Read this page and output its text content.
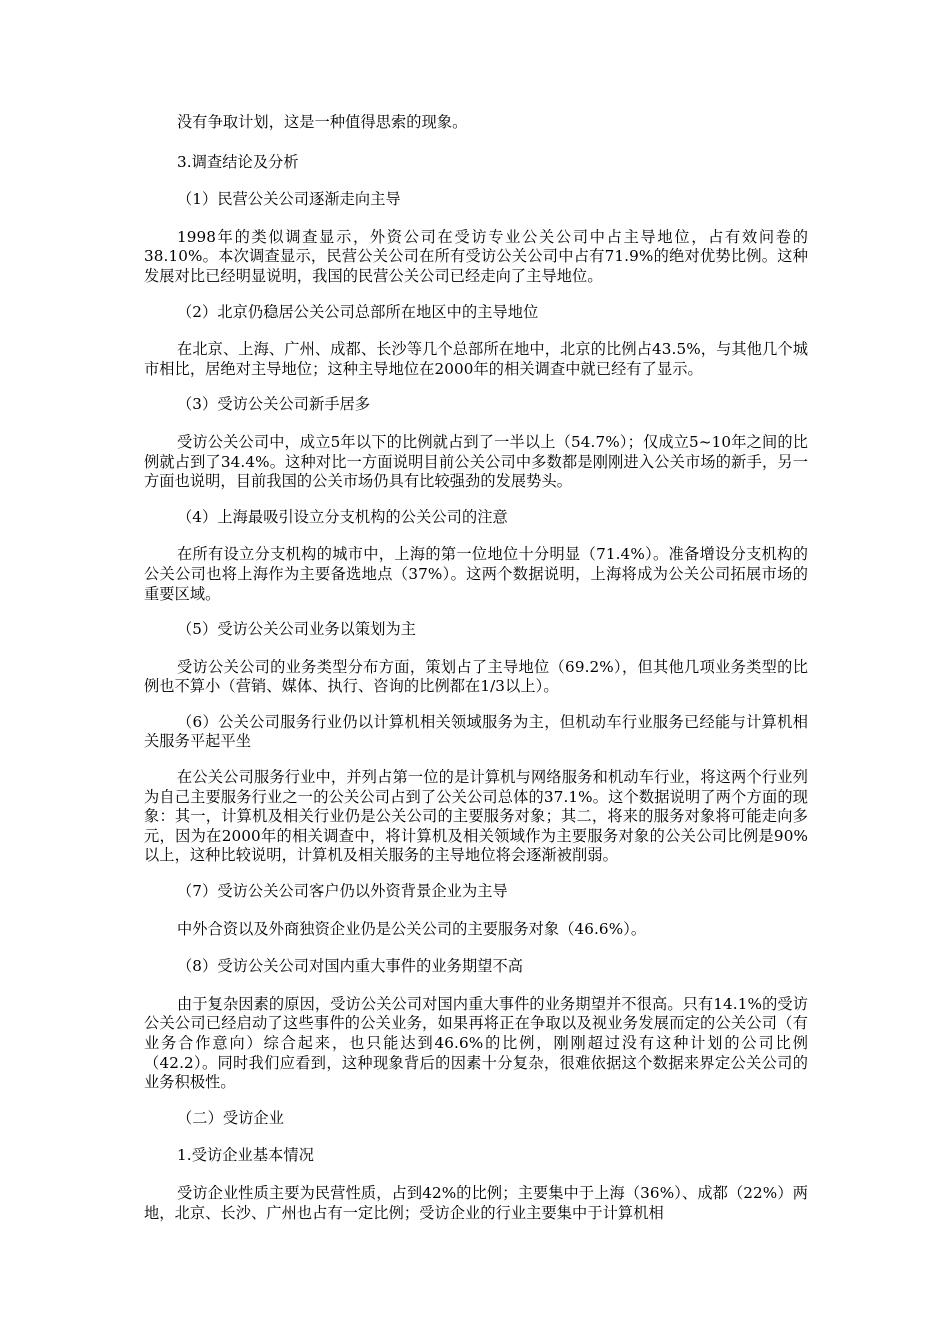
没有争取计划，这是一种值得思索的现象。

3.调查结论及分析

（1）民营公关公司逐渐走向主导

1998年的类似调查显示，外资公司在受访专业公关公司中占主导地位，占有效问卷的38.10%。本次调查显示，民营公关公司在所有受访公关公司中占有71.9%的绝对优势比例。这种发展对比已经明显说明，我国的民营公关公司已经走向了主导地位。

（2）北京仍稳居公关公司总部所在地区中的主导地位

在北京、上海、广州、成都、长沙等几个总部所在地中，北京的比例占43.5%，与其他几个城市相比，居绝对主导地位；这种主导地位在2000年的相关调查中就已经有了显示。

（3）受访公关公司新手居多

受访公关公司中，成立5年以下的比例就占到了一半以上（54.7%）；仅成立5~10年之间的比例就占到了34.4%。这种对比一方面说明目前公关公司中多数都是刚刚进入公关市场的新手，另一方面也说明，目前我国的公关市场仍具有比较强劲的发展势头。

（4）上海最吸引设立分支机构的公关公司的注意

在所有设立分支机构的城市中，上海的第一位地位十分明显（71.4%）。准备增设分支机构的公关公司也将上海作为主要备选地点（37%）。这两个数据说明，上海将成为公关公司拓展市场的重要区域。

（5）受访公关公司业务以策划为主

受访公关公司的业务类型分布方面，策划占了主导地位（69.2%），但其他几项业务类型的比例也不算小（营销、媒体、执行、咨询的比例都在1/3以上）。

（6）公关公司服务行业仍以计算机相关领域服务为主，但机动车行业服务已经能与计算机相关服务平起平坐

在公关公司服务行业中，并列占第一位的是计算机与网络服务和机动车行业，将这两个行业列为自己主要服务行业之一的公关公司占到了公关公司总体的37.1%。这个数据说明了两个方面的现象：其一，计算机及相关行业仍是公关公司的主要服务对象；其二，将来的服务对象将可能走向多元，因为在2000年的相关调查中，将计算机及相关领域作为主要服务对象的公关公司比例是90%以上，这种比较说明，计算机及相关服务的主导地位将会逐渐被削弱。

（7）受访公关公司客户仍以外资背景企业为主导

中外合资以及外商独资企业仍是公关公司的主要服务对象（46.6%）。

（8）受访公关公司对国内重大事件的业务期望不高

由于复杂因素的原因，受访公关公司对国内重大事件的业务期望并不很高。只有14.1%的受访公关公司已经启动了这些事件的公关业务，如果再将正在争取以及视业务发展而定的公关公司（有业务合作意向）综合起来，也只能达到46.6%的比例，刚刚超过没有这种计划的公司比例（42.2）。同时我们应看到，这种现象背后的因素十分复杂，很难依据这个数据来界定公关公司的业务积极性。

（二）受访企业

1.受访企业基本情况

受访企业性质主要为民营性质，占到42%的比例；主要集中于上海（36%）、成都（22%）两地，北京、长沙、广州也占有一定比例；受访企业的行业主要集中于计算机相
